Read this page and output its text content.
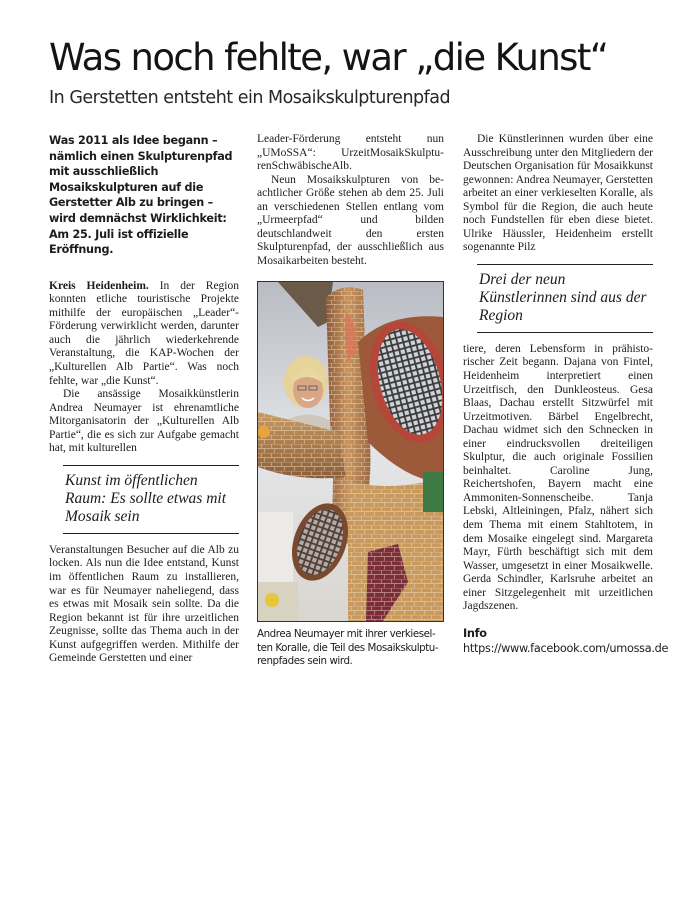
Was noch fehlte, war „die Kunst“
In Gerstetten entsteht ein Mosaikskulpturenpfad

Was 2011 als Idee begann – nämlich einen Skulpturenpfad mit ausschließlich Mosaikskulpturen auf die Gerstetter Alb zu bringen – wird demnächst Wirklichkeit: Am 25. Juli ist offizielle Eröffnung.

Kreis Heidenheim. In der Region konnten etliche touristische Projekte mithilfe der europäischen „Leader“-Förderung verwirklicht werden, darunter auch die jährlich wiederkehrende Veranstaltung, die KAP-Wochen der „Kulturellen Alb Partie“. Was noch fehlte, war „die Kunst“.

Die ansässige Mosaikkünstlerin Andrea Neumayer ist ehrenamtliche Mitorganisatorin der „Kulturellen Alb Partie“, die es sich zur Aufgabe gemacht hat, mit kulturellen

Kunst im öffentlichen Raum: Es sollte etwas mit Mosaik sein

Veranstaltungen Besucher auf die Alb zu locken. Als nun die Idee entstand, Kunst im öffentlichen Raum zu installieren, war es für Neumayer naheliegend, dass es etwas mit Mosaik sein sollte. Da die Region bekannt ist für ihre urzeitlichen Zeugnisse, sollte das Thema auch in der Kunst aufgegriffen werden. Mithilfe der Gemeinde Gerstetten und einer

Leader-Förderung entsteht nun „UMoSSA“: UrzeitMosaikSkulpturenSchwäbischeAlb.

Neun Mosaikskulpturen von beachtlicher Größe stehen ab dem 25. Juli an verschiedenen Stellen entlang vom „Urmeerpfad“ und bilden deutschlandweit den ersten Skulpturenpfad, der ausschließlich aus Mosaikarbeiten besteht.

Andrea Neumayer mit ihrer verkieselten Koralle, die Teil des Mosaikskulpturenpfades sein wird.

Die Künstlerinnen wurden über eine Ausschreibung unter den Mitgliedern der Deutschen Organisation für Mosaikkunst gewonnen: Andrea Neumayer, Gerstetten arbeitet an einer verkieselten Koralle, als Symbol für die Region, die auch heute noch Fundstellen für eben diese bietet. Ulrike Häussler, Heidenheim erstellt sogenannte Pilz

Drei der neun Künstlerinnen sind aus der Region

tiere, deren Lebensform in prähistorischer Zeit begann. Dajana von Fintel, Heidenheim interpretiert einen Urzeitfisch, den Dunkleosteus. Gesa Blaas, Dachau erstellt Sitzwürfel mit Urzeitmotiven. Bärbel Engelbrecht, Dachau widmet sich den Schnecken in einer eindrucksvollen dreiteiligen Skulptur, die auch originale Fossilien beinhaltet. Caroline Jung, Reichertshofen, Bayern macht eine Ammoniten-Sonnenscheibe. Tanja Lebski, Altleiningen, Pfalz, nähert sich dem Thema mit einem Stahltotem, in dem Mosaike eingelegt sind. Margareta Mayr, Fürth beschäftigt sich mit dem Wasser, umgesetzt in einer Mosaikwelle. Gerda Schindler, Karlsruhe arbeitet an einer Sitzgelegenheit mit urzeitlichen Jagdszenen.

Info https://www.facebook.com/umossa.de
